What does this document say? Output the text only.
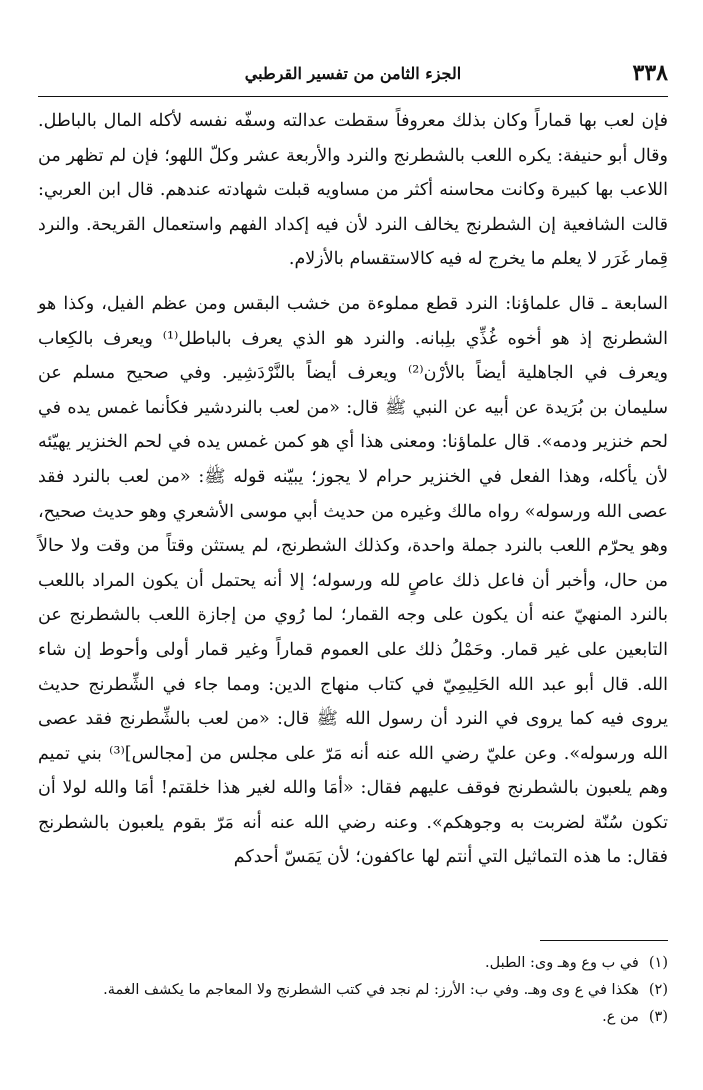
٣٣٨
الجزء الثامن من تفسير القرطبي

فإن لعب بها قماراً وكان بذلك معروفاً سقطت عدالته وسفّه نفسه لأكله المال بالباطل. وقال أبو حنيفة: يكره اللعب بالشطرنج والنرد والأربعة عشر وكلّ اللهو؛ فإن لم تظهر من اللاعب بها كبيرة وكانت محاسنه أكثر من مساويه قبلت شهادته عندهم. قال ابن العربي: قالت الشافعية إن الشطرنج يخالف النرد لأن فيه إكداد الفهم واستعمال القريحة. والنرد قِمار غَرَر لا يعلم ما يخرج له فيه كالاستقسام بالأزلام.

السابعة ـ قال علماؤنا: النرد قطع مملوءة من خشب البقس ومن عظم الفيل، وكذا هو الشطرنج إذ هو أخوه غُذِّي بلِبانه. والنرد هو الذي يعرف بالباطل⁽¹⁾ ويعرف بالكِعاب ويعرف في الجاهلية أيضاً بالأرْن⁽²⁾ ويعرف أيضاً بالنَّرْدَشِير. وفي صحيح مسلم عن سليمان بن بُرَيدة عن أبيه عن النبي ﷺ قال: «من لعب بالنردشير فكأنما غمس يده في لحم خنزير ودمه». قال علماؤنا: ومعنى هذا أي هو كمن غمس يده في لحم الخنزير يهيّئه لأن يأكله، وهذا الفعل في الخنزير حرام لا يجوز؛ يبيّنه قوله ﷺ: «من لعب بالنرد فقد عصى الله ورسوله» رواه مالك وغيره من حديث أبي موسى الأشعري وهو حديث صحيح، وهو يحرّم اللعب بالنرد جملة واحدة، وكذلك الشطرنج، لم يستثن وقتاً من وقت ولا حالاً من حال، وأخبر أن فاعل ذلك عاصٍ لله ورسوله؛ إلا أنه يحتمل أن يكون المراد باللعب بالنرد المنهيّ عنه أن يكون على وجه القمار؛ لما رُوي من إجازة اللعب بالشطرنج عن التابعين على غير قمار. وحَمْلُ ذلك على العموم قماراً وغير قمار أولى وأحوط إن شاء الله. قال أبو عبد الله الحَلِيمِيّ في كتاب منهاج الدين: ومما جاء في الشِّطرنج حديث يروى فيه كما يروى في النرد أن رسول الله ﷺ قال: «من لعب بالشِّطرنج فقد عصى الله ورسوله». وعن عليّ رضي الله عنه أنه مَرّ على مجلس من [مجالس]⁽³⁾ بني تميم وهم يلعبون بالشطرنج فوقف عليهم فقال: «أمَا والله لغير هذا خلقتم! أمَا والله لولا أن تكون سُنّة لضربت به وجوهكم». وعنه رضي الله عنه أنه مَرّ بقوم يلعبون بالشطرنج فقال: ما هذه التماثيل التي أنتم لها عاكفون؛ لأن يَمَسّ أحدكم

(١)في ب وع وهـ وى: الطبل.
(٢)هكذا في ع وى وهـ. وفي ب: الأرز: لم نجد في كتب الشطرنج ولا المعاجم ما يكشف الغمة.
(٣)من ع.
